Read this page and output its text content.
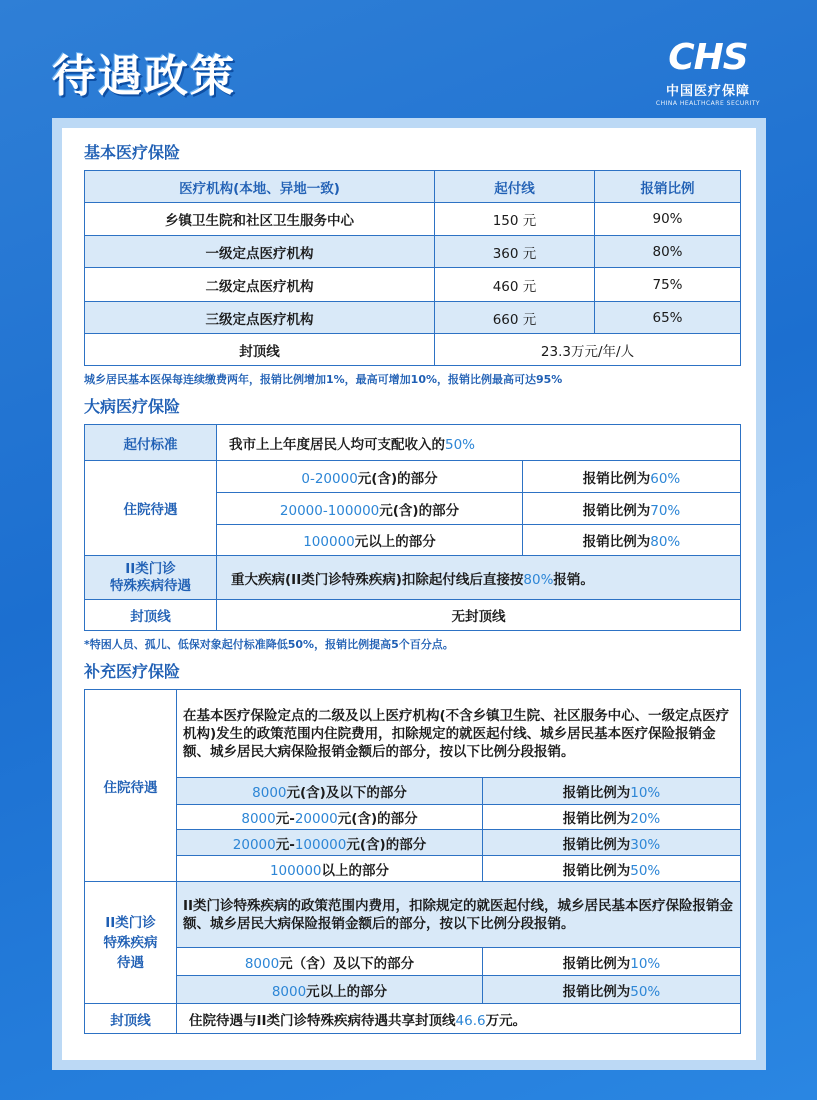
待遇政策	CHS
中国医疗保障
CHINA HEALTHCARE SECURITY
基本医疗保险
医疗机构(本地、异地一致)	起付线	报销比例
乡镇卫生院和社区卫生服务中心	150 元	90%
一级定点医疗机构	360 元	80%
二级定点医疗机构	460 元	75%
三级定点医疗机构	660 元	65%
封顶线	23.3万元/年/人	
城乡居民基本医保每连续缴费两年，报销比例增加1%，最高可增加10%，报销比例最高可达95%
大病医疗保险
起付标准	我市上上年度居民人均可支配收入的50%	
住院待遇	0-20000元(含)的部分	报销比例为60%
	20000-100000元(含)的部分	报销比例为70%
	100000元以上的部分	报销比例为80%

II类门诊
特殊疾病待遇	重大疾病(II类门诊特殊疾病)扣除起付线后直接按80%报销。	
封顶线	无封顶线	
*特困人员、孤儿、低保对象起付标准降低50%，报销比例提高5个百分点。
补充医疗保险
住院待遇	在基本医疗保险定点的二级及以上医疗机构(不含乡镇卫生院、社区服务中心、一级定点医疗机构)发生的政策范围内住院费用，扣除规定的就医起付线、城乡居民基本医疗保险报销金额、城乡居民大病保险报销金额后的部分，按以下比例分段报销。	
	8000元(含)及以下的部分	报销比例为10%
	8000元-20000元(含)的部分	报销比例为20%
	20000元-100000元(含)的部分	报销比例为30%
	100000以上的部分	报销比例为50%

II类门诊
特殊疾病
待遇	II类门诊特殊疾病的政策范围内费用，扣除规定的就医起付线，城乡居民基本医疗保险报销金额、城乡居民大病保险报销金额后的部分，按以下比例分段报销。	
	8000元（含）及以下的部分	报销比例为10%
	8000元以上的部分	报销比例为50%
封顶线	住院待遇与II类门诊特殊疾病待遇共享封顶线46.6万元。	
